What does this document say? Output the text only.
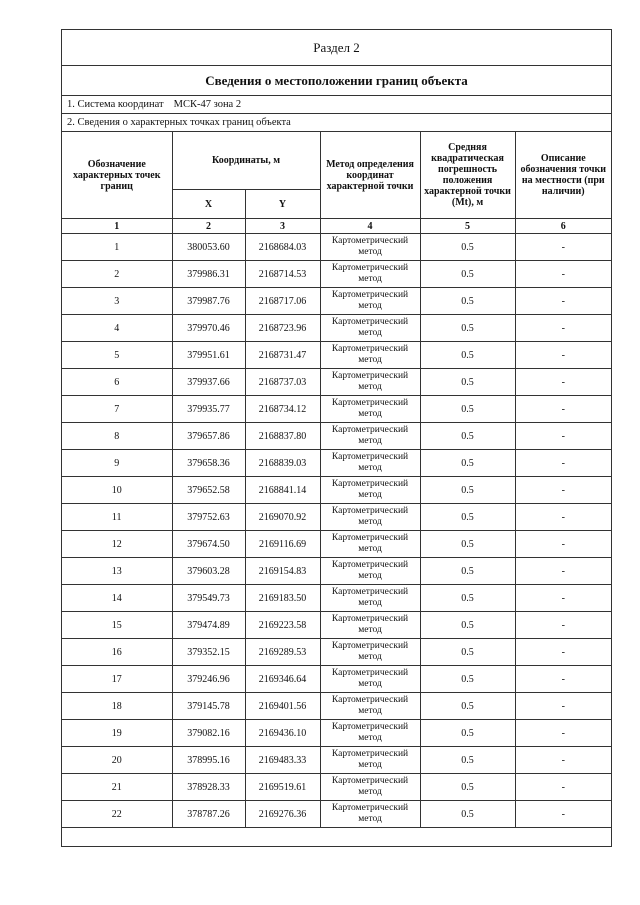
Раздел 2
Сведения о местоположении границ объекта
1. Система координат МСК-47 зона 2
2. Сведения о характерных точках границ объекта
Обозначение характерных точек границ	Координаты, м		Метод определения координат характерной точки	Средняя квадратическая погрешность положения характерной точки (Mt), м	Описание обозначения точки на местности (при наличии)
	X	Y			
1	2	3	4	5	6
1	380053.60	2168684.03	Картометрический метод	0.5	-
2	379986.31	2168714.53	Картометрический метод	0.5	-
3	379987.76	2168717.06	Картометрический метод	0.5	-
4	379970.46	2168723.96	Картометрический метод	0.5	-
5	379951.61	2168731.47	Картометрический метод	0.5	-
6	379937.66	2168737.03	Картометрический метод	0.5	-
7	379935.77	2168734.12	Картометрический метод	0.5	-
8	379657.86	2168837.80	Картометрический метод	0.5	-
9	379658.36	2168839.03	Картометрический метод	0.5	-
10	379652.58	2168841.14	Картометрический метод	0.5	-
11	379752.63	2169070.92	Картометрический метод	0.5	-
12	379674.50	2169116.69	Картометрический метод	0.5	-
13	379603.28	2169154.83	Картометрический метод	0.5	-
14	379549.73	2169183.50	Картометрический метод	0.5	-
15	379474.89	2169223.58	Картометрический метод	0.5	-
16	379352.15	2169289.53	Картометрический метод	0.5	-
17	379246.96	2169346.64	Картометрический метод	0.5	-
18	379145.78	2169401.56	Картометрический метод	0.5	-
19	379082.16	2169436.10	Картометрический метод	0.5	-
20	378995.16	2169483.33	Картометрический метод	0.5	-
21	378928.33	2169519.61	Картометрический метод	0.5	-
22	378787.26	2169276.36	Картометрический метод	0.5	-
